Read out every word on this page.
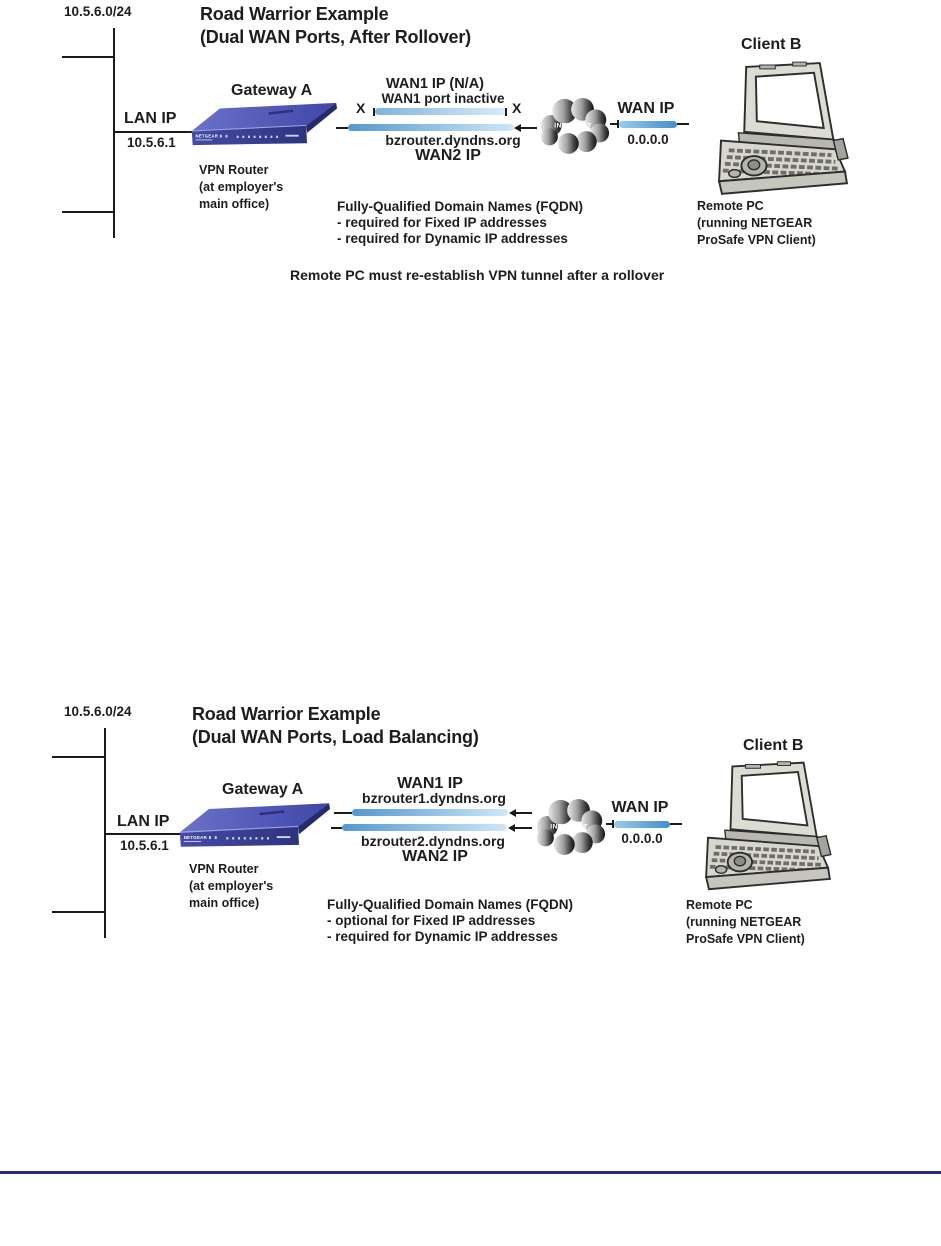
10.5.6.0/24	Road Warrior Example
(Dual WAN Ports, After Rollover)	Client B
LAN IP
10.5.6.1
Gateway A
NETGEAR
VPN Router
(at employer's
main office)
WAN1 IP (N/A)
WAN1 port inactive
X	X
bzrouter.dyndns.org
WAN2 IP
INTERNET
WAN IP
0.0.0.0
Remote PC
(running NETGEAR
ProSafe VPN Client)
Fully-Qualified Domain Names (FQDN)
- required for Fixed IP addresses
- required for Dynamic IP addresses
Remote PC must re-establish VPN tunnel after a rollover
10.5.6.0/24	Road Warrior Example
(Dual WAN Ports, Load Balancing)	Client B
LAN IP
10.5.6.1
Gateway A
NETGEAR
VPN Router
(at employer's
main office)
WAN1 IP
bzrouter1.dyndns.org
bzrouter2.dyndns.org
WAN2 IP
INTERNET
WAN IP
0.0.0.0
Remote PC
(running NETGEAR
ProSafe VPN Client)
Fully-Qualified Domain Names (FQDN)
- optional for Fixed IP addresses
- required for Dynamic IP addresses
